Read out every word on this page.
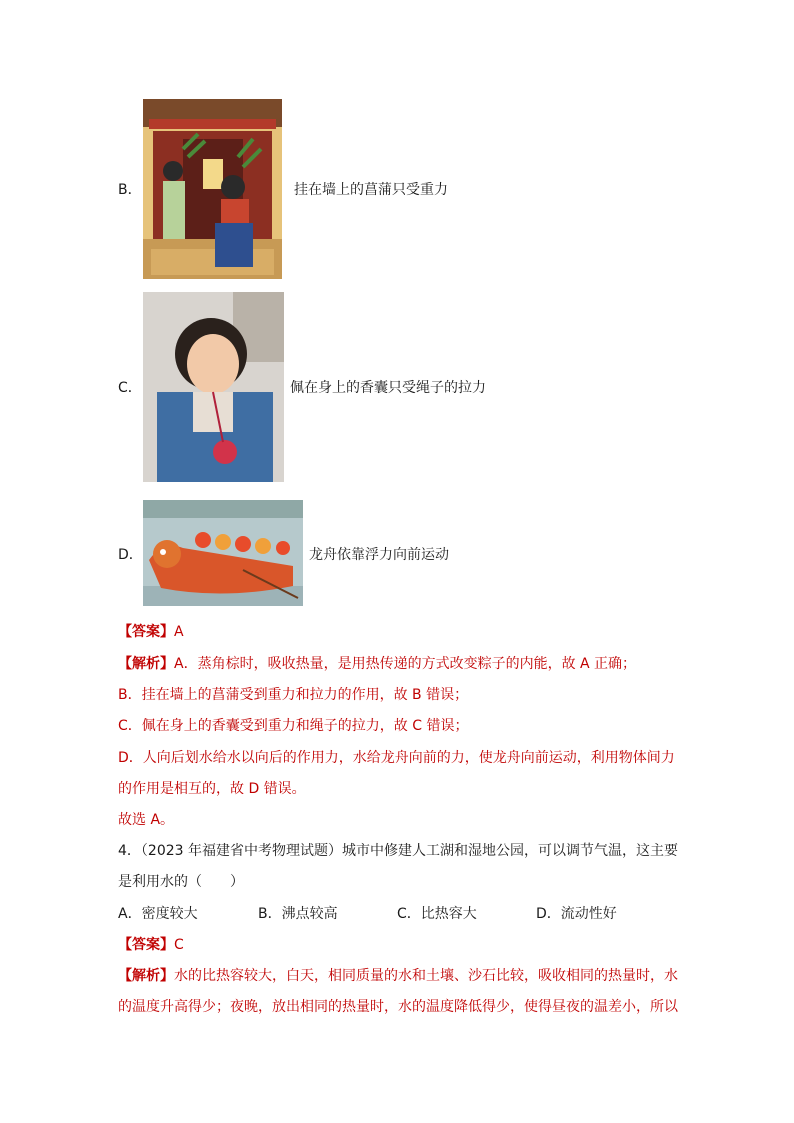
B．	挂在墙上的菖蒲只受重力
C．	佩在身上的香囊只受绳子的拉力
D．	龙舟依靠浮力向前运动
【答案】A
【解析】A．蒸角棕时，吸收热量，是用热传递的方式改变粽子的内能，故 A 正确；
B．挂在墙上的菖蒲受到重力和拉力的作用，故 B 错误；
C．佩在身上的香囊受到重力和绳子的拉力，故 C 错误；
D．人向后划水给水以向后的作用力，水给龙舟向前的力，使龙舟向前运动，利用物体间力
的作用是相互的，故 D 错误。
故选 A。
4．（2023 年福建省中考物理试题）城市中修建人工湖和湿地公园，可以调节气温，这主要
是利用水的（　　）
A．密度较大	B．沸点较高	C．比热容大	D．流动性好
【答案】C
【解析】水的比热容较大，白天，相同质量的水和土壤、沙石比较，吸收相同的热量时，水
的温度升高得少；夜晚，放出相同的热量时，水的温度降低得少，使得昼夜的温差小，所以
